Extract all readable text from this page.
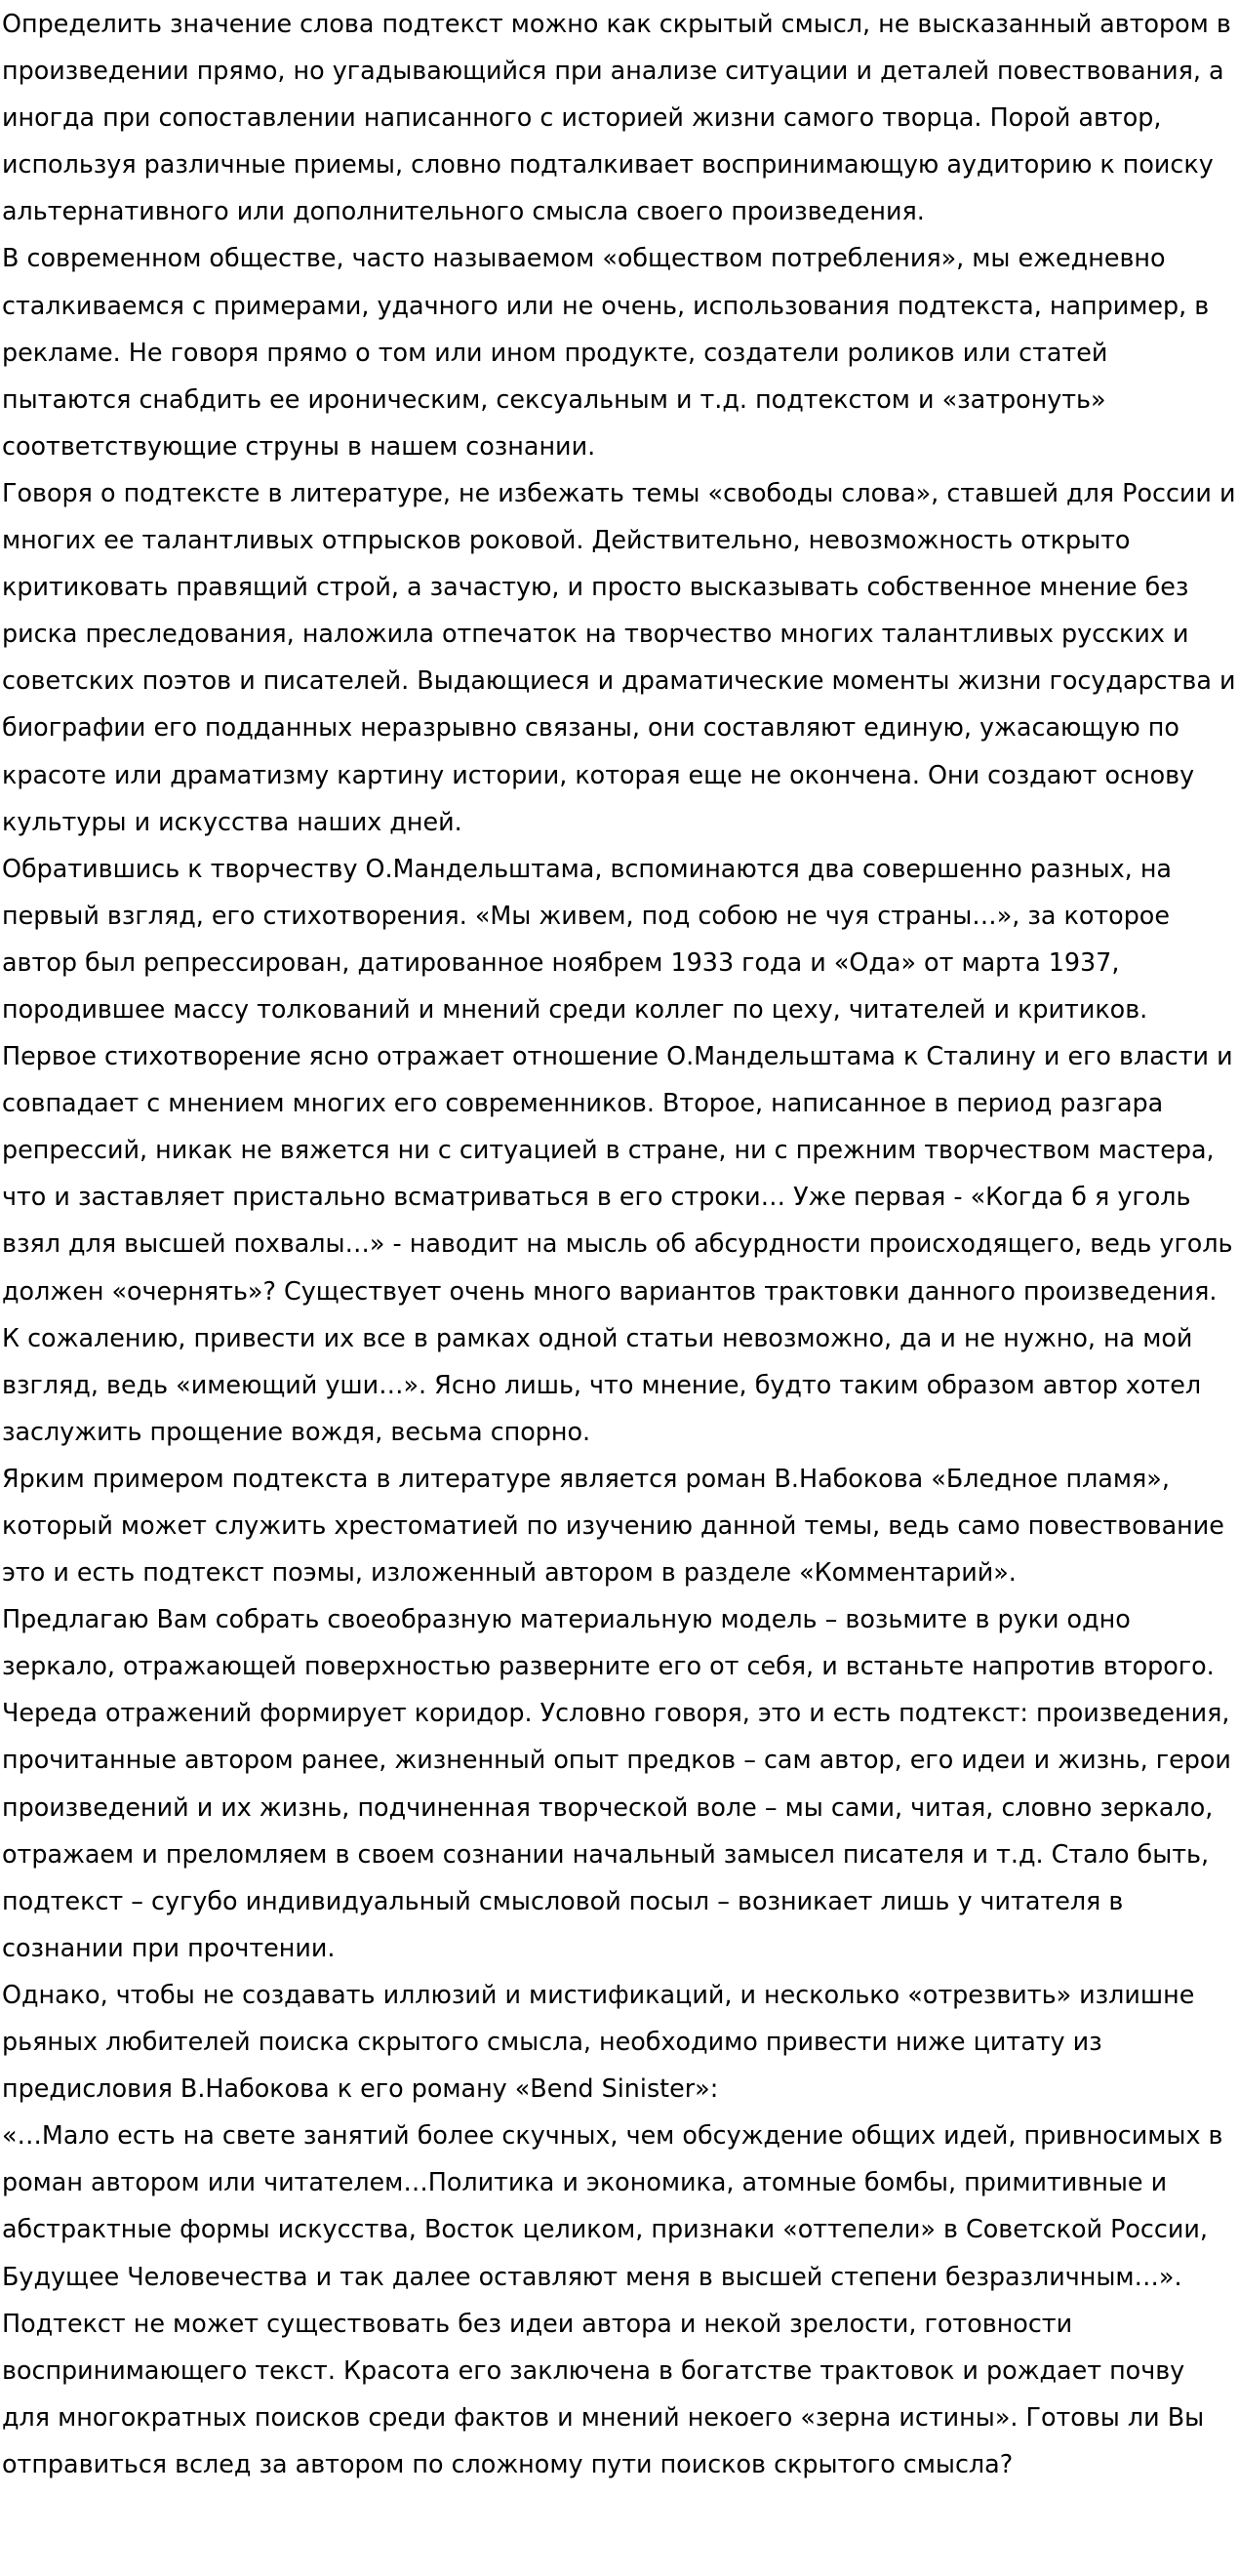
Определить значение слова подтекст можно как скрытый смысл, не высказанный автором в произведении прямо, но угадывающийся при анализе ситуации и деталей повествования, а иногда при сопоставлении написанного с историей жизни самого творца. Порой автор, используя различные приемы, словно подталкивает воспринимающую аудиторию к поиску альтернативного или дополнительного смысла своего произведения.

В современном обществе, часто называемом «обществом потребления», мы ежедневно сталкиваемся с примерами, удачного или не очень, использования подтекста, например, в рекламе. Не говоря прямо о том или ином продукте, создатели роликов или статей пытаются снабдить ее ироническим, сексуальным и т.д. подтекстом и «затронуть» соответствующие струны в нашем сознании.

Говоря о подтексте в литературе, не избежать темы «свободы слова», ставшей для России и многих ее талантливых отпрысков роковой. Действительно, невозможность открыто критиковать правящий строй, а зачастую, и просто высказывать собственное мнение без риска преследования, наложила отпечаток на творчество многих талантливых русских и советских поэтов и писателей. Выдающиеся и драматические моменты жизни государства и биографии его подданных неразрывно связаны, они составляют единую, ужасающую по красоте или драматизму картину истории, которая еще не окончена. Они создают основу культуры и искусства наших дней.

Обратившись к творчеству О.Мандельштама, вспоминаются два совершенно разных, на первый взгляд, его стихотворения. «Мы живем, под собою не чуя страны…», за которое автор был репрессирован, датированное ноябрем 1933 года и «Ода» от марта 1937, породившее массу толкований и мнений среди коллег по цеху, читателей и критиков. Первое стихотворение ясно отражает отношение О.Мандельштама к Сталину и его власти и совпадает с мнением многих его современников. Второе, написанное в период разгара репрессий, никак не вяжется ни с ситуацией в стране, ни с прежним творчеством мастера, что и заставляет пристально всматриваться в его строки… Уже первая - «Когда б я уголь взял для высшей похвалы…» - наводит на мысль об абсурдности происходящего, ведь уголь должен «очернять»? Существует очень много вариантов трактовки данного произведения. К сожалению, привести их все в рамках одной статьи невозможно, да и не нужно, на мой взгляд, ведь «имеющий уши…». Ясно лишь, что мнение, будто таким образом автор хотел заслужить прощение вождя, весьма спорно.

Ярким примером подтекста в литературе является роман В.Набокова «Бледное пламя», который может служить хрестоматией по изучению данной темы, ведь само повествование это и есть подтекст поэмы, изложенный автором в разделе «Комментарий».

Предлагаю Вам собрать своеобразную материальную модель – возьмите в руки одно зеркало, отражающей поверхностью разверните его от себя, и встаньте напротив второго. Череда отражений формирует коридор. Условно говоря, это и есть подтекст: произведения, прочитанные автором ранее, жизненный опыт предков – сам автор, его идеи и жизнь, герои произведений и их жизнь, подчиненная творческой воле – мы сами, читая, словно зеркало, отражаем и преломляем в своем сознании начальный замысел писателя и т.д. Стало быть, подтекст – сугубо индивидуальный смысловой посыл – возникает лишь у читателя в сознании при прочтении.

Однако, чтобы не создавать иллюзий и мистификаций, и несколько «отрезвить» излишне рьяных любителей поиска скрытого смысла, необходимо привести ниже цитату из предисловия В.Набокова к его роману «Bend Sinister»:

«…Мало есть на свете занятий более скучных, чем обсуждение общих идей, привносимых в роман автором или читателем…Политика и экономика, атомные бомбы, примитивные и абстрактные формы искусства, Восток целиком, признаки «оттепели» в Советской России, Будущее Человечества и так далее оставляют меня в высшей степени безразличным…».

Подтекст не может существовать без идеи автора и некой зрелости, готовности воспринимающего текст. Красота его заключена в богатстве трактовок и рождает почву для многократных поисков среди фактов и мнений некоего «зерна истины». Готовы ли Вы отправиться вслед за автором по сложному пути поисков скрытого смысла?
